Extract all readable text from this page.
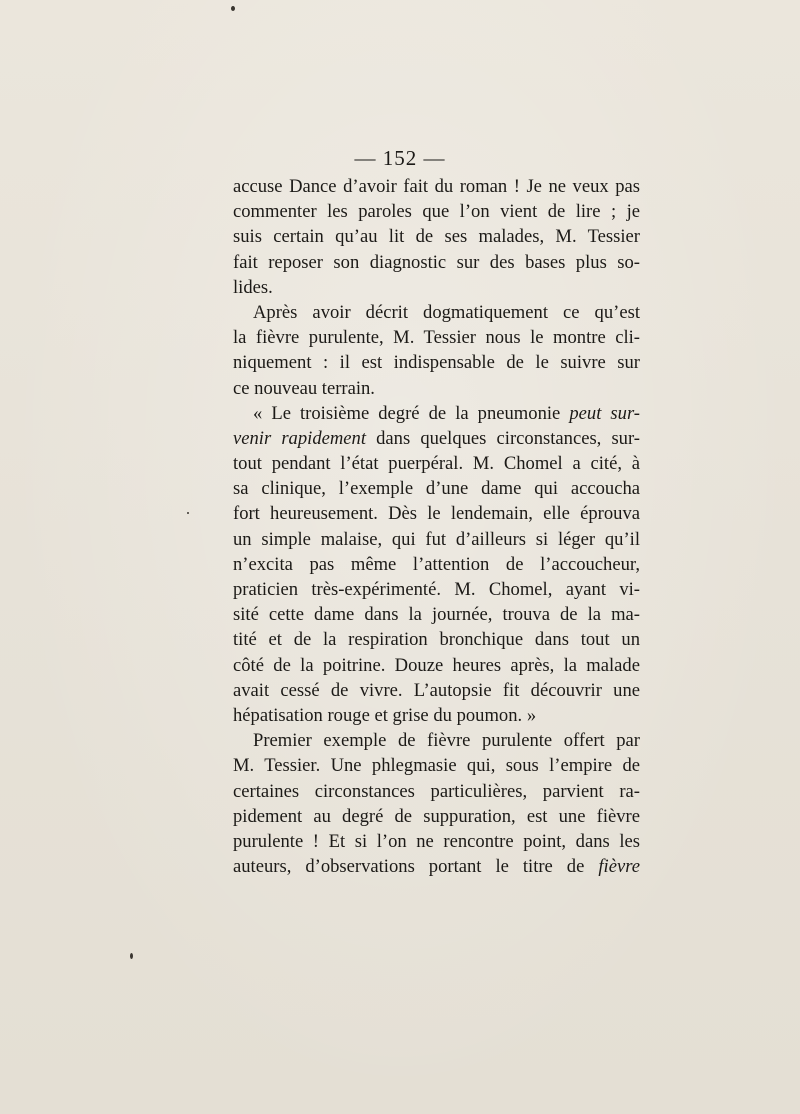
— 152 —
accuse Dance d’avoir fait du roman ! Je ne veux pas
commenter les paroles que l’on vient de lire ; je
suis certain qu’au lit de ses malades, M. Tessier
fait reposer son diagnostic sur des bases plus so-
lides.
Après avoir décrit dogmatiquement ce qu’est
la fièvre purulente, M. Tessier nous le montre cli-
niquement : il est indispensable de le suivre sur
ce nouveau terrain.
« Le troisième degré de la pneumonie peut sur-
venir rapidement dans quelques circonstances, sur-
tout pendant l’état puerpéral. M. Chomel a cité, à
sa clinique, l’exemple d’une dame qui accoucha
fort heureusement. Dès le lendemain, elle éprouva
un simple malaise, qui fut d’ailleurs si léger qu’il
n’excita pas même l’attention de l’accoucheur,
praticien très-expérimenté. M. Chomel, ayant vi-
sité cette dame dans la journée, trouva de la ma-
tité et de la respiration bronchique dans tout un
côté de la poitrine. Douze heures après, la malade
avait cessé de vivre. L’autopsie fit découvrir une
hépatisation rouge et grise du poumon. »
Premier exemple de fièvre purulente offert par
M. Tessier. Une phlegmasie qui, sous l’empire de
certaines circonstances particulières, parvient ra-
pidement au degré de suppuration, est une fièvre
purulente ! Et si l’on ne rencontre point, dans les
auteurs, d’observations portant le titre de fièvre
